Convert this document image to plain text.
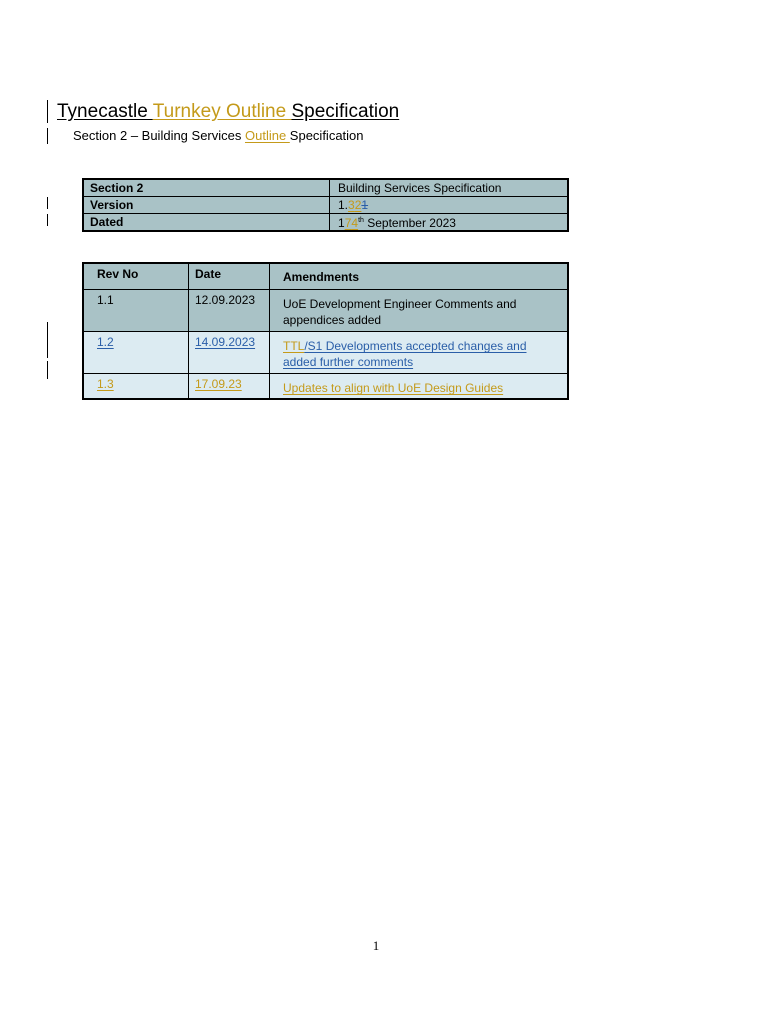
Tynecastle Turnkey Outline Specification
Section 2 – Building Services Outline Specification
Section 2	Building Services Specification
Version	1.321
Dated	174th September 2023
Rev No	Date	Amendments
1.1	12.09.2023	UoE Development Engineer Comments and appendices added
1.2	14.09.2023	TTL/S1 Developments accepted changes and added further comments
1.3	17.09.23	Updates to align with UoE Design Guides
1
